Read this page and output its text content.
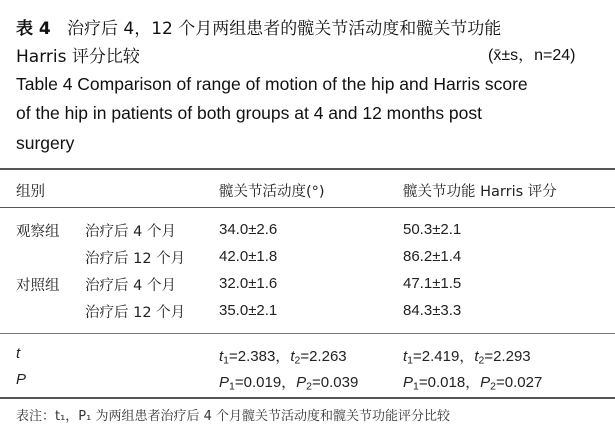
表 4 治疗后 4，12 个月两组患者的髋关节活动度和髋关节功能
Harris 评分比较	(x̄±s，n=24)
Table 4 Comparison of range of motion of the hip and Harris score
of the hip in patients of both groups at 4 and 12 months post
surgery
组别	髋关节活动度(°)	髋关节功能 Harris 评分
观察组 治疗后 4 个月	34.0±2.6	50.3±2.1
治疗后 12 个月 42.0±1.8	86.2±1.4
对照组 治疗后 4 个月	32.0±1.6	47.1±1.5
治疗后 12 个月 35.0±2.1	84.3±3.3
t	$t_1=2.383$，$t_2=2.263$	$t_1=2.419$，$t_2=2.293$
P	$P_1=0.019$，$P_2=0.039$	$P_1=0.018$，$P_2=0.027$
表注：t₁，P₁ 为两组患者治疗后 4 个月髋关节活动度和髋关节功能评分比较
